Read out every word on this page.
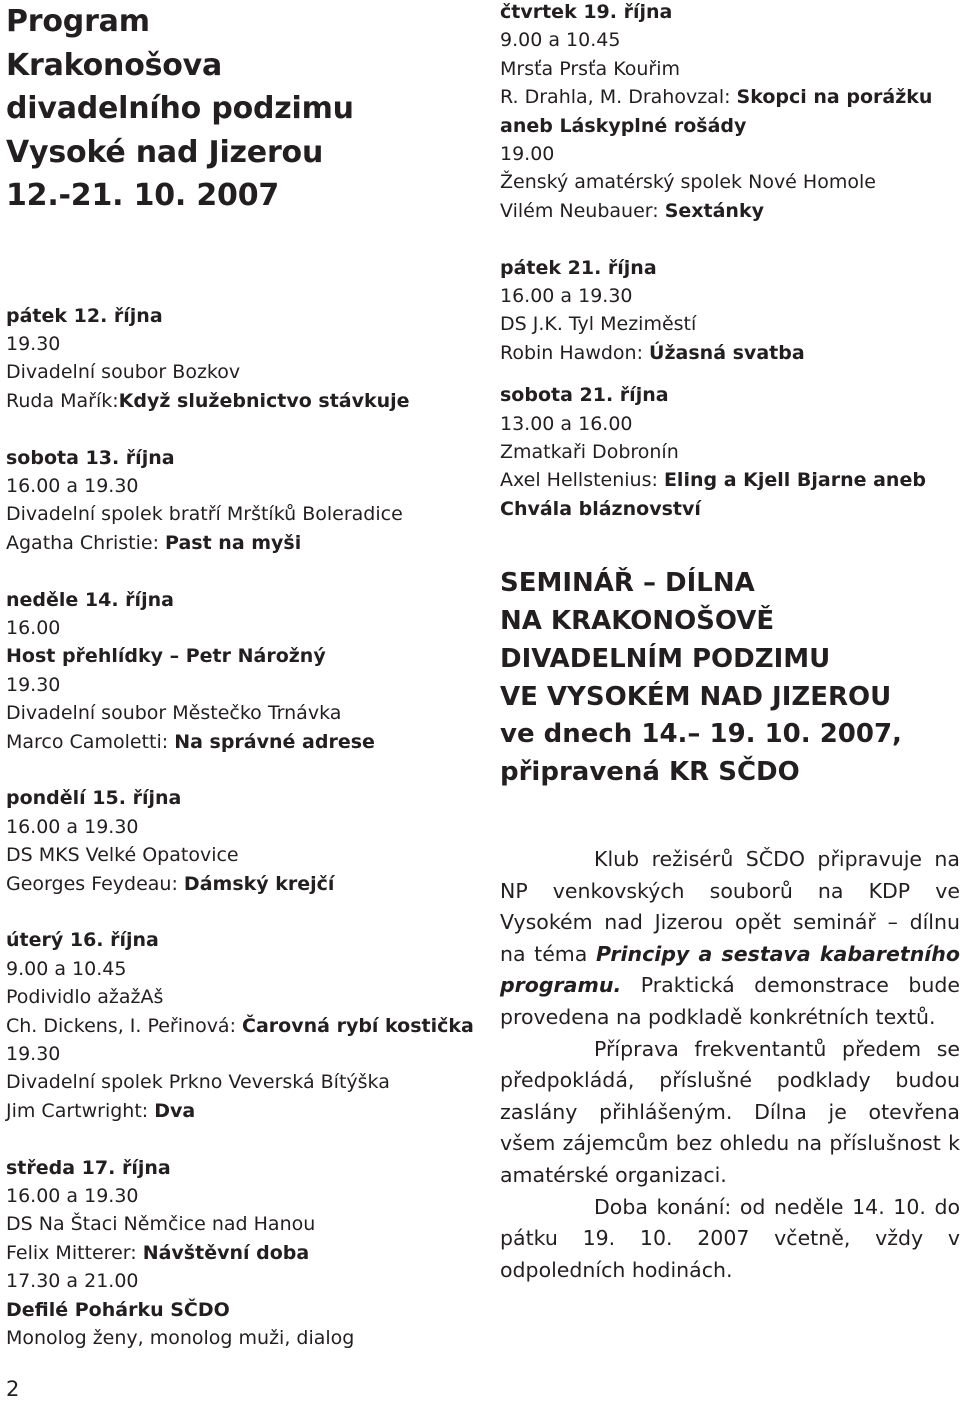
Program
Krakonošova
divadelního podzimu
Vysoké nad Jizerou
12.-21. 10. 2007
pátek 12. října
19.30
Divadelní soubor Bozkov
Ruda Mařík:Když služebnictvo stávkuje
sobota 13. října
16.00 a 19.30
Divadelní spolek bratří Mrštíků Boleradice
Agatha Christie: Past na myši
neděle 14. října
16.00
Host přehlídky – Petr Nárožný
19.30
Divadelní soubor Městečko Trnávka
Marco Camoletti: Na správné adrese
pondělí 15. října
16.00 a 19.30
DS MKS Velké Opatovice
Georges Feydeau: Dámský krejčí
úterý 16. října
9.00 a 10.45
Podividlo ažažAš
Ch. Dickens, I. Peřinová: Čarovná rybí kostička
19.30
Divadelní spolek Prkno Veverská Bítýška
Jim Cartwright: Dva
středa 17. října
16.00 a 19.30
DS Na Štaci Němčice nad Hanou
Felix Mitterer: Návštěvní doba
17.30 a 21.00
Defilé Pohárku SČDO
Monolog ženy, monolog muži, dialog
čtvrtek 19. října
9.00 a 10.45
Mrsťa Prsťa Kouřim
R. Drahla, M. Drahovzal: Skopci na porážku
aneb Láskyplné rošády
19.00
Ženský amatérský spolek Nové Homole
Vilém Neubauer: Sextánky
pátek 21. října
16.00 a 19.30
DS J.K. Tyl Meziměstí
Robin Hawdon: Úžasná svatba
sobota 21. října
13.00 a 16.00
Zmatkaři Dobronín
Axel Hellstenius: Eling a Kjell Bjarne aneb
Chvála bláznovství
SEMINÁŘ – DÍLNA
NA KRAKONOŠOVĚ
DIVADELNÍM PODZIMU
VE VYSOKÉM NAD JIZEROU
ve dnech 14.– 19. 10. 2007,
připravená KR SČDO

Klub režisérů SČDO připravuje na NP venkovských souborů na KDP ve Vysokém nad Jizerou opět seminář – dílnu na téma Principy a sestava kabaretního programu. Praktická demonstrace bude provedena na podkladě konkrétních textů.

Příprava frekventantů předem se předpokládá, příslušné podklady budou zaslány přihlášeným. Dílna je otevřena všem zájemcům bez ohledu na příslušnost k amatérské organizaci.

Doba konání: od neděle 14. 10. do pátku 19. 10. 2007 včetně, vždy v odpoledních hodinách.

2
